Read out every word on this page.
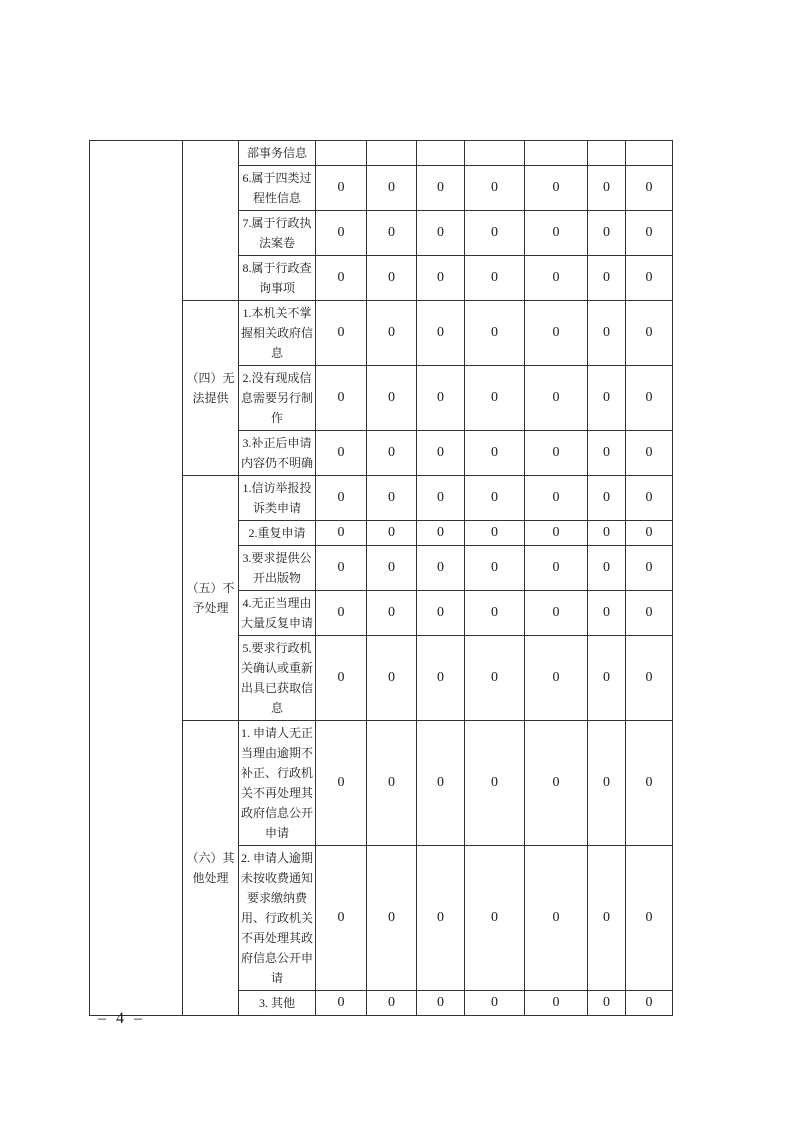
		部事务信息							
		6.属于四类过程性信息	0	0	0	0	0	0	0
		7.属于行政执法案卷	0	0	0	0	0	0	0
		8.属于行政查询事项	0	0	0	0	0	0	0
	（四）无法提供	1.本机关不掌握相关政府信息	0	0	0	0	0	0	0
		2.没有现成信息需要另行制作	0	0	0	0	0	0	0
		3.补正后申请内容仍不明确	0	0	0	0	0	0	0
	（五）不予处理	1.信访举报投诉类申请	0	0	0	0	0	0	0
		2.重复申请	0	0	0	0	0	0	0
		3.要求提供公开出版物	0	0	0	0	0	0	0
		4.无正当理由大量反复申请	0	0	0	0	0	0	0
		5.要求行政机关确认或重新出具已获取信息	0	0	0	0	0	0	0
	（六）其他处理	1. 申请人无正当理由逾期不补正、行政机关不再处理其政府信息公开申请	0	0	0	0	0	0	0
		2. 申请人逾期未按收费通知要求缴纳费用、行政机关不再处理其政府信息公开申请	0	0	0	0	0	0	0
		3. 其他	0	0	0	0	0	0	0
– 4 –
